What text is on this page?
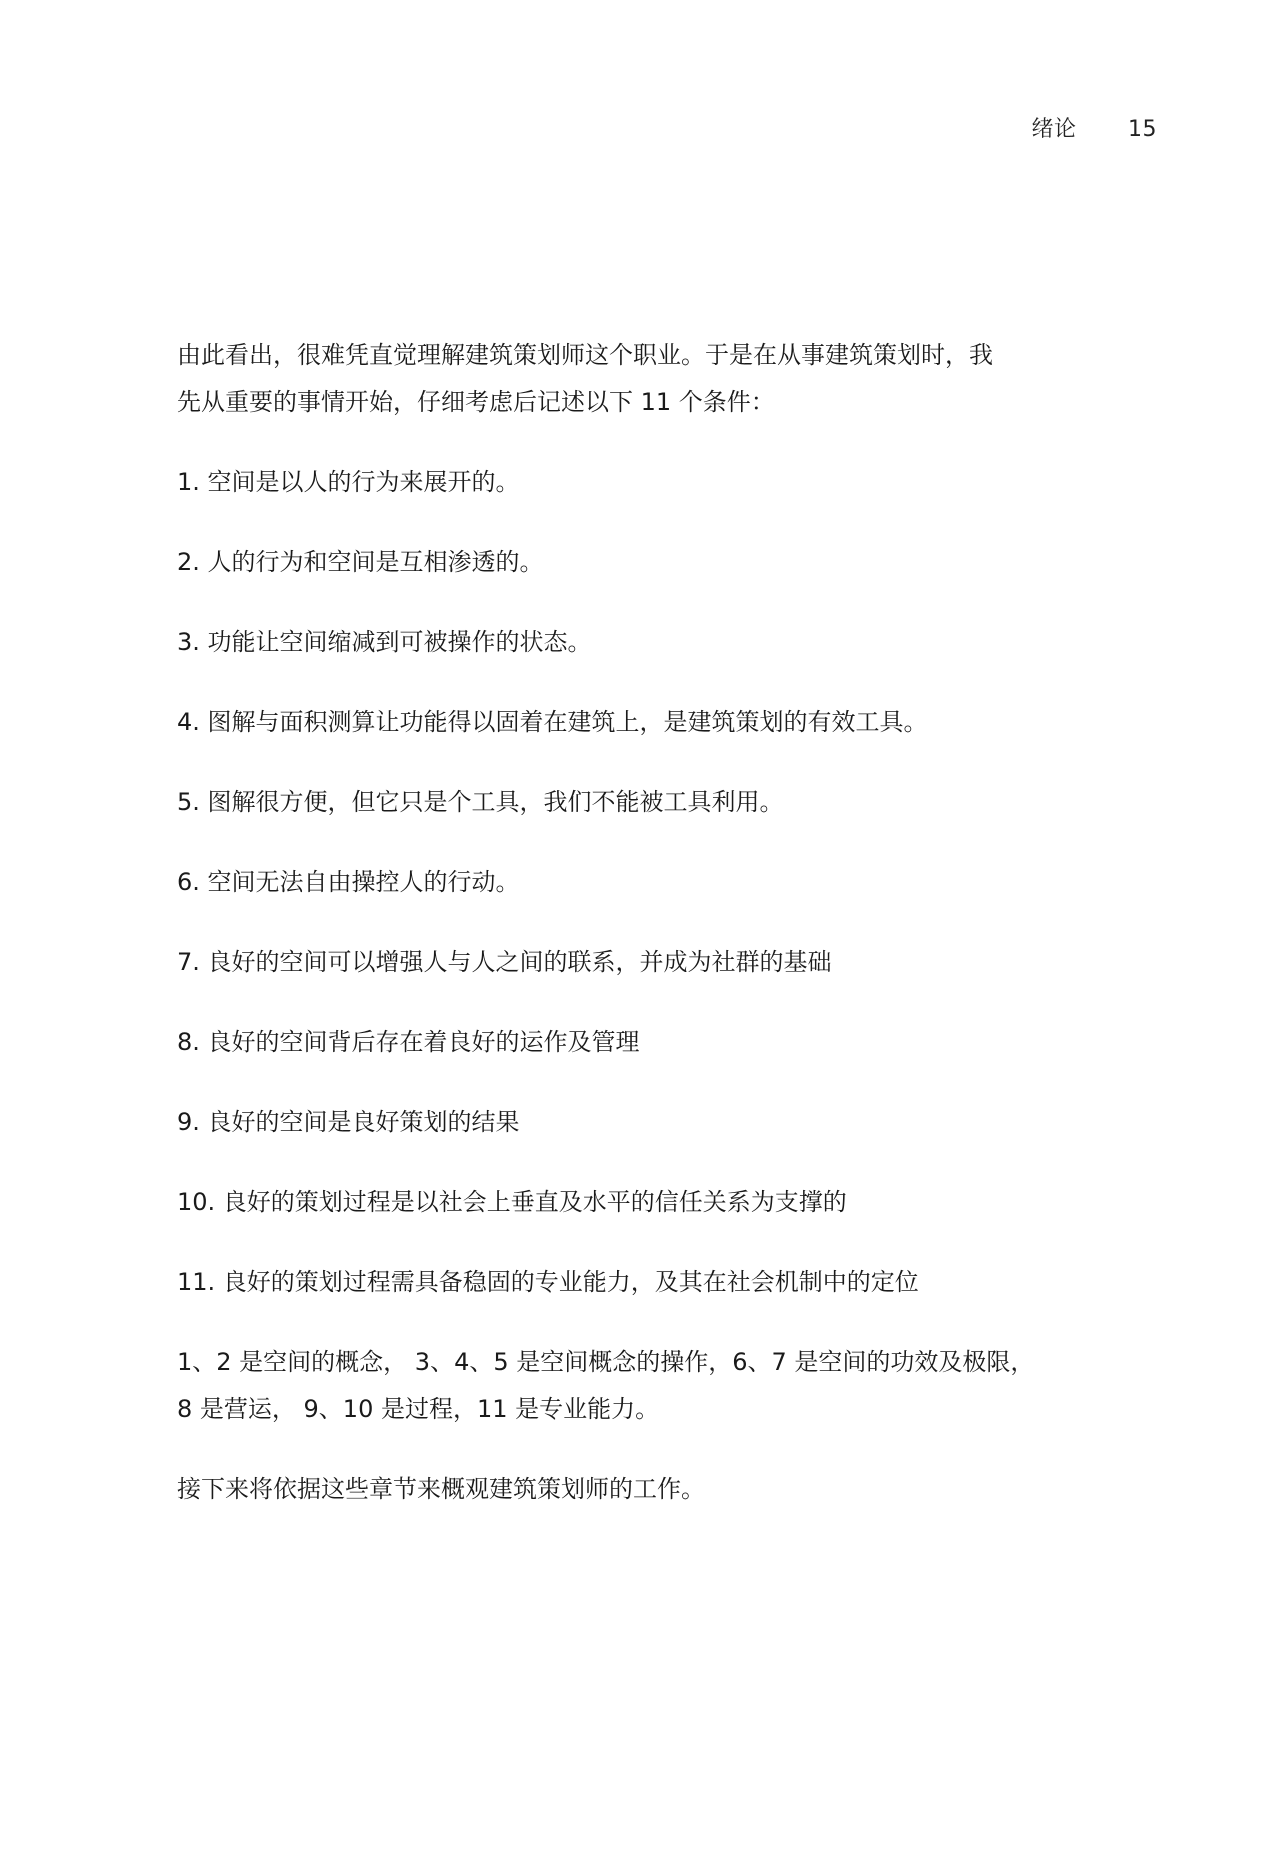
绪论 15

由此看出，很难凭直觉理解建筑策划师这个职业。于是在从事建筑策划时，我
先从重要的事情开始，仔细考虑后记述以下 11 个条件：

1. 空间是以人的行为来展开的。

2. 人的行为和空间是互相渗透的。

3. 功能让空间缩减到可被操作的状态。

4. 图解与面积测算让功能得以固着在建筑上，是建筑策划的有效工具。

5. 图解很方便，但它只是个工具，我们不能被工具利用。

6. 空间无法自由操控人的行动。

7. 良好的空间可以增强人与人之间的联系，并成为社群的基础

8. 良好的空间背后存在着良好的运作及管理

9. 良好的空间是良好策划的结果

10. 良好的策划过程是以社会上垂直及水平的信任关系为支撑的

11. 良好的策划过程需具备稳固的专业能力，及其在社会机制中的定位

1、2 是空间的概念， 3、4、5 是空间概念的操作，6、7 是空间的功效及极限，
8 是营运， 9、10 是过程，11 是专业能力。

接下来将依据这些章节来概观建筑策划师的工作。
